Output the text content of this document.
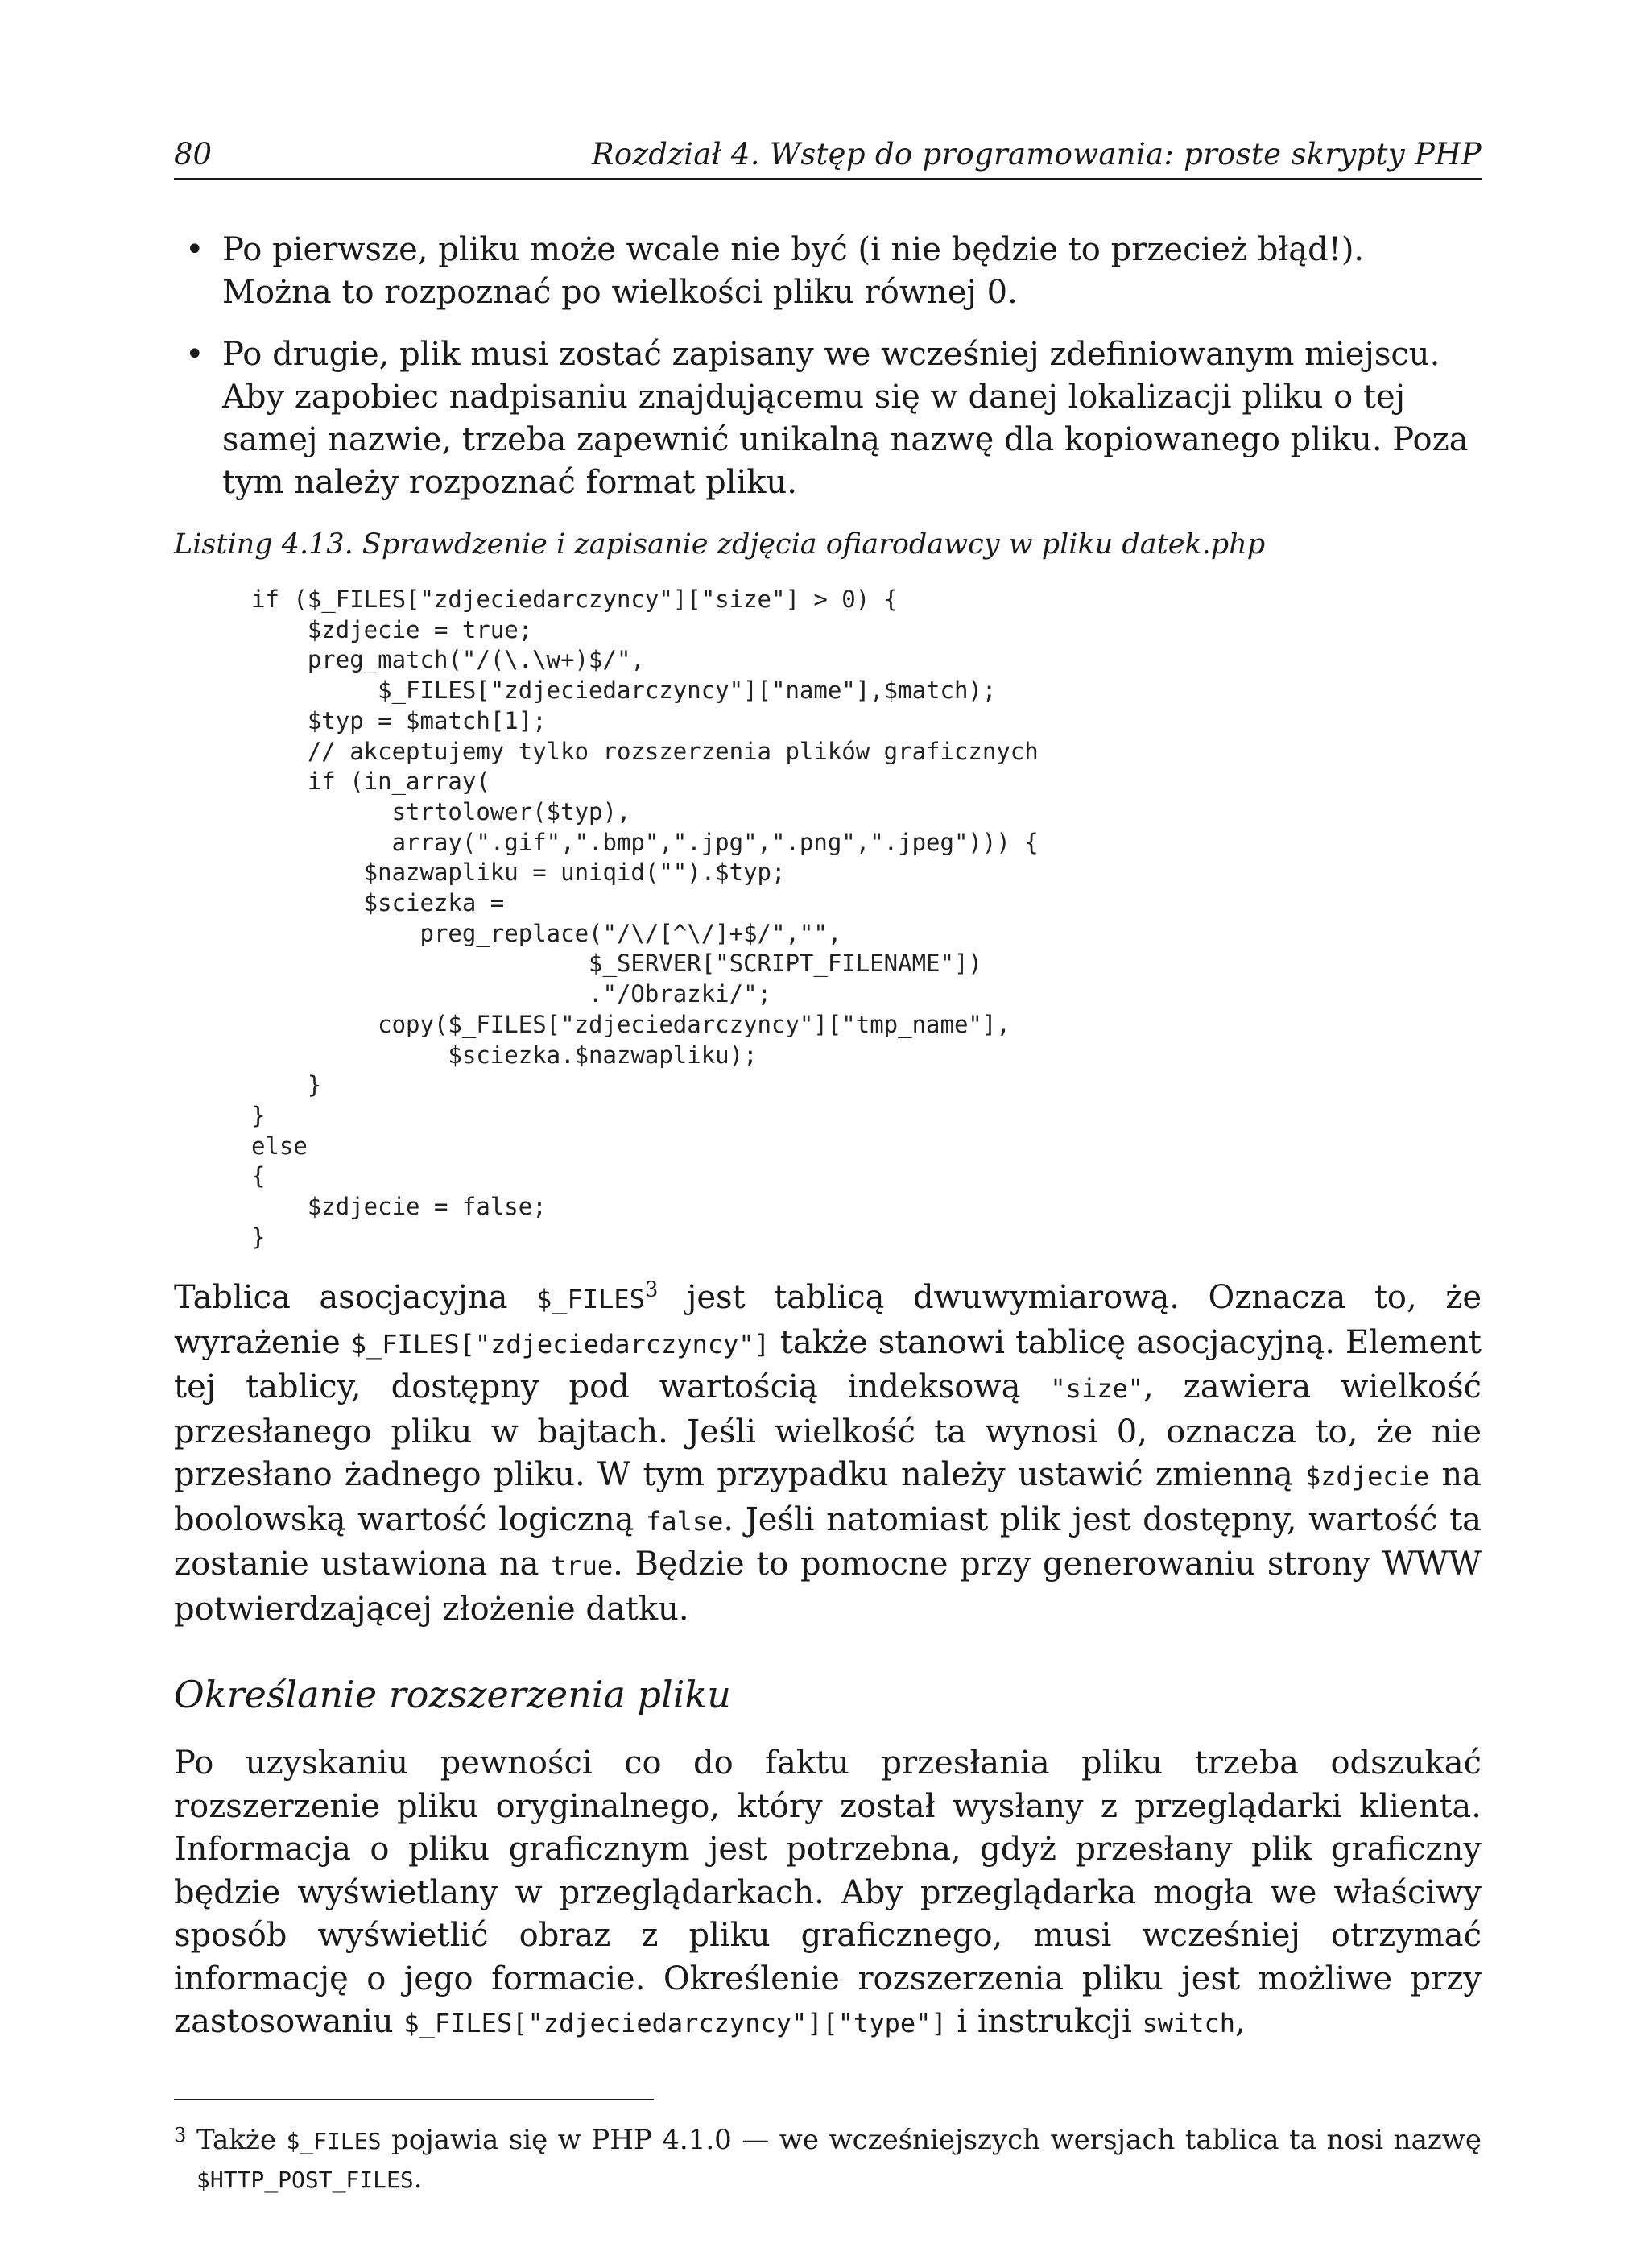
80	Rozdział 4. Wstęp do programowania: proste skrypty PHP
• Po pierwsze, pliku może wcale nie być (i nie będzie to przecież błąd!). Można to rozpoznać po wielkości pliku równej 0.
• Po drugie, plik musi zostać zapisany we wcześniej zdefiniowanym miejscu. Aby zapobiec nadpisaniu znajdującemu się w danej lokalizacji pliku o tej samej nazwie, trzeba zapewnić unikalną nazwę dla kopiowanego pliku. Poza tym należy rozpoznać format pliku.
Listing 4.13. Sprawdzenie i zapisanie zdjęcia ofiarodawcy w pliku datek.php
if ($_FILES["zdjeciedarczyncy"]["size"] > 0) {
$zdjecie = true;
preg_match("/(\.\w+)$/",
$_FILES["zdjeciedarczyncy"]["name"],$match);
$typ = $match[1];
// akceptujemy tylko rozszerzenia plików graficznych
if (in_array(
strtolower($typ),
array(".gif",".bmp",".jpg",".png",".jpeg"))) {
$nazwapliku = uniqid("").$typ;
$sciezka =
preg_replace("/\/[^\/]+$/","",
$_SERVER["SCRIPT_FILENAME"])
."/Obrazki/";
copy($_FILES["zdjeciedarczyncy"]["tmp_name"],
$sciezka.$nazwapliku);
}
}
else
{
$zdjecie = false;
}

Tablica asocjacyjna $_FILES$^3$ jest tablicą dwuwymiarową. Oznacza to, że wyrażenie $_FILES["zdjeciedarczyncy"] także stanowi tablicę asocjacyjną. Element tej tablicy, dostępny pod wartością indeksową "size", zawiera wielkość przesłanego pliku w bajtach. Jeśli wielkość ta wynosi 0, oznacza to, że nie przesłano żadnego pliku. W tym przypadku należy ustawić zmienną $zdjecie na boolowską wartość logiczną false. Jeśli natomiast plik jest dostępny, wartość ta zostanie ustawiona na true. Będzie to pomocne przy generowaniu strony WWW potwierdzającej złożenie datku.

Określanie rozszerzenia pliku

Po uzyskaniu pewności co do faktu przesłania pliku trzeba odszukać rozszerzenie pliku oryginalnego, który został wysłany z przeglądarki klienta. Informacja o pliku graficznym jest potrzebna, gdyż przesłany plik graficzny będzie wyświetlany w przeglądarkach. Aby przeglądarka mogła we właściwy sposób wyświetlić obraz z pliku graficznego, musi wcześniej otrzymać informację o jego formacie. Określenie rozszerzenia pliku jest możliwe przy zastosowaniu $_FILES["zdjeciedarczyncy"]["type"] i instrukcji switch,

3 Także $_FILES pojawia się w PHP 4.1.0 — we wcześniejszych wersjach tablica ta nosi nazwę $HTTP_POST_FILES.
